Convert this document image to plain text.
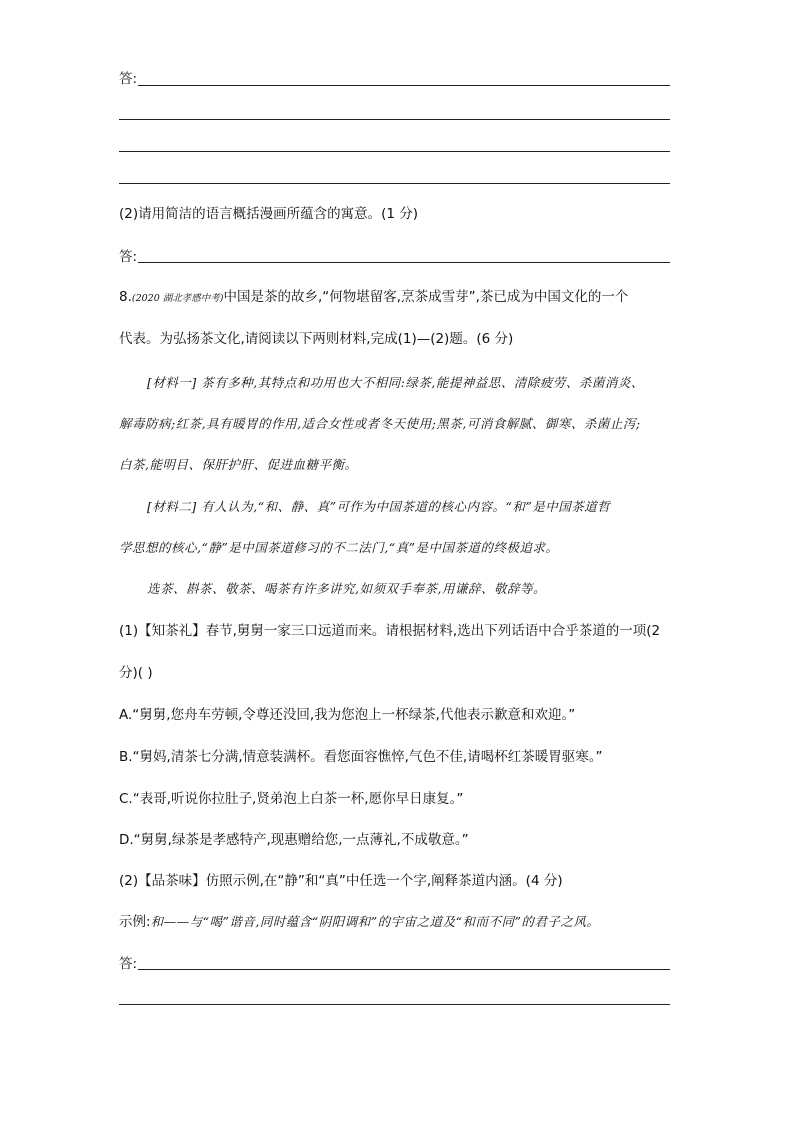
答:
(2)请用简洁的语言概括漫画所蕴含的寓意。(1 分)
答:
8.(2020 湖北孝感中考)中国是茶的故乡,“何物堪留客,烹茶成雪芽”,茶已成为中国文化的一个
代表。为弘扬茶文化,请阅读以下两则材料,完成(1)—(2)题。(6 分)
[材料一] 茶有多种,其特点和功用也大不相同:绿茶,能提神益思、清除疲劳、杀菌消炎、
解毒防病;红茶,具有暖胃的作用,适合女性或者冬天使用;黑茶,可消食解腻、御寒、杀菌止泻;
白茶,能明目、保肝护肝、促进血糖平衡。
[材料二] 有人认为,“和、静、真”可作为中国茶道的核心内容。“和”是中国茶道哲
学思想的核心,“静”是中国茶道修习的不二法门,“真”是中国茶道的终极追求。
选茶、斟茶、敬茶、喝茶有许多讲究,如须双手奉茶,用谦辞、敬辞等。
(1)【知茶礼】春节,舅舅一家三口远道而来。请根据材料,选出下列话语中合乎茶道的一项(2
分)( )
A.“舅舅,您舟车劳顿,令尊还没回,我为您泡上一杯绿茶,代他表示歉意和欢迎。”
B.“舅妈,清茶七分满,情意装满杯。看您面容憔悴,气色不佳,请喝杯红茶暖胃驱寒。”
C.“表哥,听说你拉肚子,贤弟泡上白茶一杯,愿你早日康复。”
D.“舅舅,绿茶是孝感特产,现惠赠给您,一点薄礼,不成敬意。”
(2)【品茶味】仿照示例,在“静”和“真”中任选一个字,阐释茶道内涵。(4 分)
示例:和——与“喝”谐音,同时蕴含“阴阳调和”的宇宙之道及“和而不同”的君子之风。
答:
